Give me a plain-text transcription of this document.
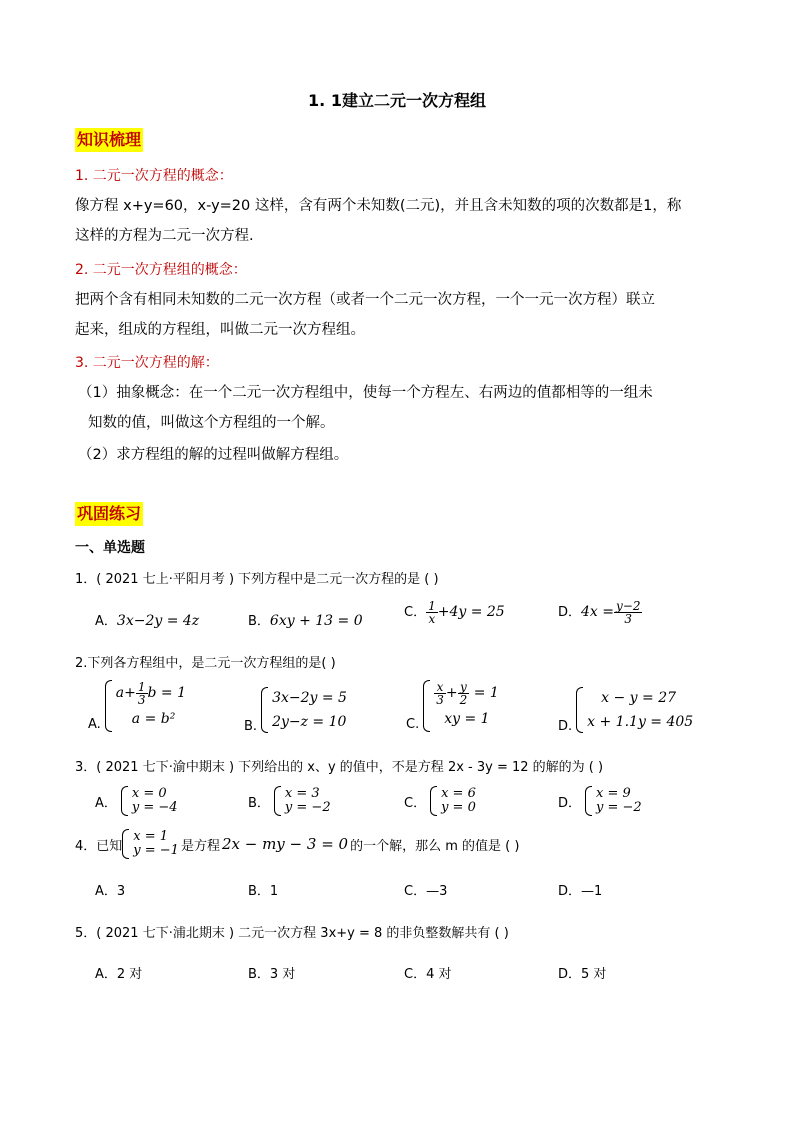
1. 1建立二元一次方程组
知识梳理
1. 二元一次方程的概念：
像方程 x+y=60，x-y=20 这样，含有两个未知数(二元)，并且含未知数的项的次数都是1，称
这样的方程为二元一次方程.
2. 二元一次方程组的概念：
把两个含有相同未知数的二元一次方程（或者一个二元一次方程，一个一元一次方程）联立
起来，组成的方程组，叫做二元一次方程组。
3. 二元一次方程的解：
（1）抽象概念：在一个二元一次方程组中，使每一个方程左、右两边的值都相等的一组未
知数的值，叫做这个方程组的一个解。
（2）求方程组的解的过程叫做解方程组。
巩固练习
一、单选题
1．( 2021 七上·平阳月考 ) 下列方程中是二元一次方程的是 ( )
A．3x−2y = 4z	B．6xy + 13 = 0
C． $\frac{1}{x} +4y = 25$	D．$4x = \frac{y-2}{3}$
2.下列各方程组中，是二元一次方程组的是( )
A.
$a+ \frac{1}{3}$ b = 1
a = b²	B.
3x−2y = 5
2y−z = 10	C.
$\frac{x}{3} + \frac{y}{2} = 1$
xy = 1	D.
x − y = 27
x + 1.1y = 405
3．( 2021 七下·渝中期末 ) 下列给出的 x、y 的值中，不是方程 2x - 3y = 12 的解的为 ( )
A．
x = 0
y = −4	B．
x = 3
y = −2	C．
x = 6
y = 0	D．
x = 9
y = −2
4．已知
x = 1
y = −1 是方程 2x − my − 3 = 0 的一个解，那么 m 的值是 ( )
A．3	B．1	C．—3	D．—1
5．( 2021 七下·浦北期末 ) 二元一次方程 3x+y = 8 的非负整数解共有 ( )
A．2 对	B．3 对	C．4 对	D．5 对
